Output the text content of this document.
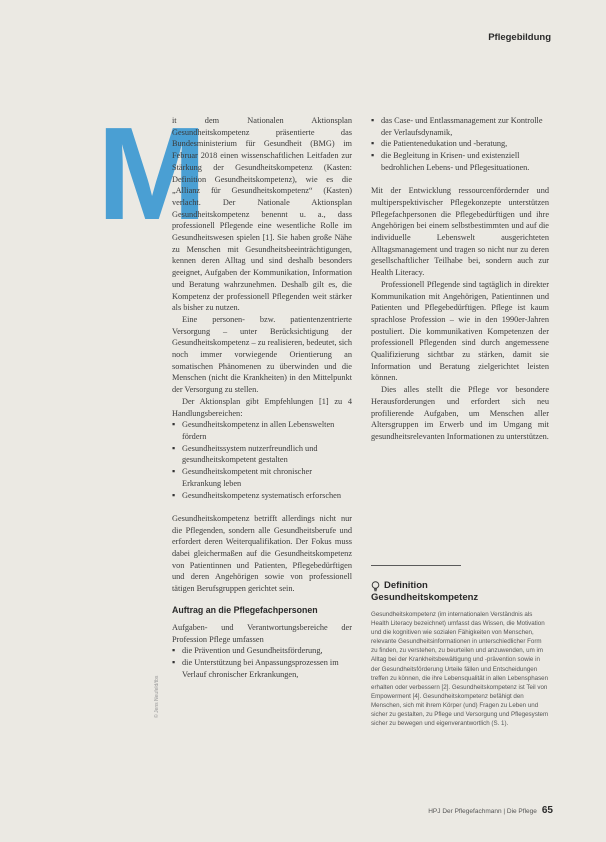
Pflegebildung
M

it dem Nationalen Aktionsplan Gesundheitskompetenz präsentierte das Bundesministerium für Gesundheit (BMG) im Februar 2018 einen wissenschaftlichen Leitfaden zur Stärkung der Gesundheitskompetenz (Kasten: Definition Gesundheitskompetenz), wie es die „Allianz für Gesundheitskompetenz“ (Kasten) verlacht. Der Nationale Aktionsplan Gesundheitskompetenz benennt u. a., dass professionell Pflegende eine wesentliche Rolle im Gesundheitswesen spielen [1]. Sie haben große Nähe zu Menschen mit Gesundheitsbeeinträchtigungen, kennen deren Alltag und sind deshalb besonders geeignet, Aufgaben der Kommunikation, Information und Beratung wahrzunehmen. Deshalb gilt es, die Kompetenz der professionell Pflegenden weit stärker als bisher zu nutzen.

Eine personen- bzw. patientenzentrierte Versorgung – unter Berücksichtigung der Gesundheitskompetenz – zu realisieren, bedeutet, sich noch immer vorwiegende Orientierung an somatischen Phänomenen zu überwinden und die Menschen (nicht die Krankheiten) in den Mittelpunkt der Versorgung zu stellen.

Der Aktionsplan gibt Empfehlungen [1] zu 4 Handlungsbereichen:

▪ Gesundheitskompetenz in allen Lebenswelten fördern
▪ Gesundheitssystem nutzerfreundlich und gesundheitskompetent gestalten
▪ Gesundheitskompetent mit chronischer Erkrankung leben
▪ Gesundheitskompetenz systematisch erforschen

Gesundheitskompetenz betrifft allerdings nicht nur die Pflegenden, sondern alle Gesundheitsberufe und erfordert deren Weiterqualifikation. Der Fokus muss dabei gleichermaßen auf die Gesundheitskompetenz von Patientinnen und Patienten, Pflegebedürftigen und deren Angehörigen sowie von professionell tätigen Berufsgruppen gerichtet sein.

Auftrag an die Pflegefachpersonen

Aufgaben- und Verantwortungsbereiche der Profession Pflege umfassen

▪ die Prävention und Gesundheitsförderung,
▪ die Unterstützung bei Anpassungsprozessen im Verlauf chronischer Erkrankungen,
▪ das Case- und Entlassmanagement zur Kontrolle der Verlaufsdynamik,
▪ die Patientenedukation und -beratung,
▪ die Begleitung in Krisen- und existenziell bedrohlichen Lebens- und Pflegesituationen.

Mit der Entwicklung ressourcenfördernder und multiperspektivischer Pflegekonzepte unterstützen Pflegefachpersonen die Pflegebedürftigen und ihre Angehörigen bei einem selbstbestimmten und auf die individuelle Lebenswelt ausgerichteten Alltagsmanagement und tragen so nicht nur zu deren gesellschaftlicher Teilhabe bei, sondern auch zur Health Literacy.

Professionell Pflegende sind tagtäglich in direkter Kommunikation mit Angehörigen, Patientinnen und Patienten und Pflegebedürftigen. Pflege ist kaum sprachlose Profession – wie in den 1990er-Jahren postuliert. Die kommunikativen Kompetenzen der professionell Pflegenden sind durch angemessene Qualifizierung sichtbar zu stärken, damit sie Information und Beratung zielgerichtet leisten können.

Dies alles stellt die Pflege vor besondere Herausforderungen und erfordert sich neu profilierende Aufgaben, um Menschen aller Altersgruppen im Erwerb und im Umgang mit gesundheitsrelevanten Informationen zu unterstützen.

Definition
Gesundheitskompetenz
Gesundheitskompetenz (im internationalen Verständnis als Health Literacy bezeichnet) umfasst das Wissen, die Motivation und die kognitiven wie sozialen Fähigkeiten von Menschen, relevante Gesundheitsinformationen in unterschiedlicher Form zu finden, zu verstehen, zu beurteilen und anzuwenden, um im Alltag bei der Krankheitsbewältigung und -prävention sowie in der Gesundheitsförderung Urteile fällen und Entscheidungen treffen zu können, die ihre Lebensqualität in allen Lebensphasen erhalten oder verbessern [2]. Gesundheitskompetenz ist Teil von Empowerment [4]. Gesundheitskompetenz befähigt den Menschen, sich mit ihrem Körper (und) Fragen zu Leben und sicher zu gestalten, zu Pflege und Versorgung und Pflegesystem sicher zu bewegen und eigenverantwortlich (S. 1).
© Jens Neufeld/tbs
HPJ Der Pflegefachmann | Die Pflege 65
